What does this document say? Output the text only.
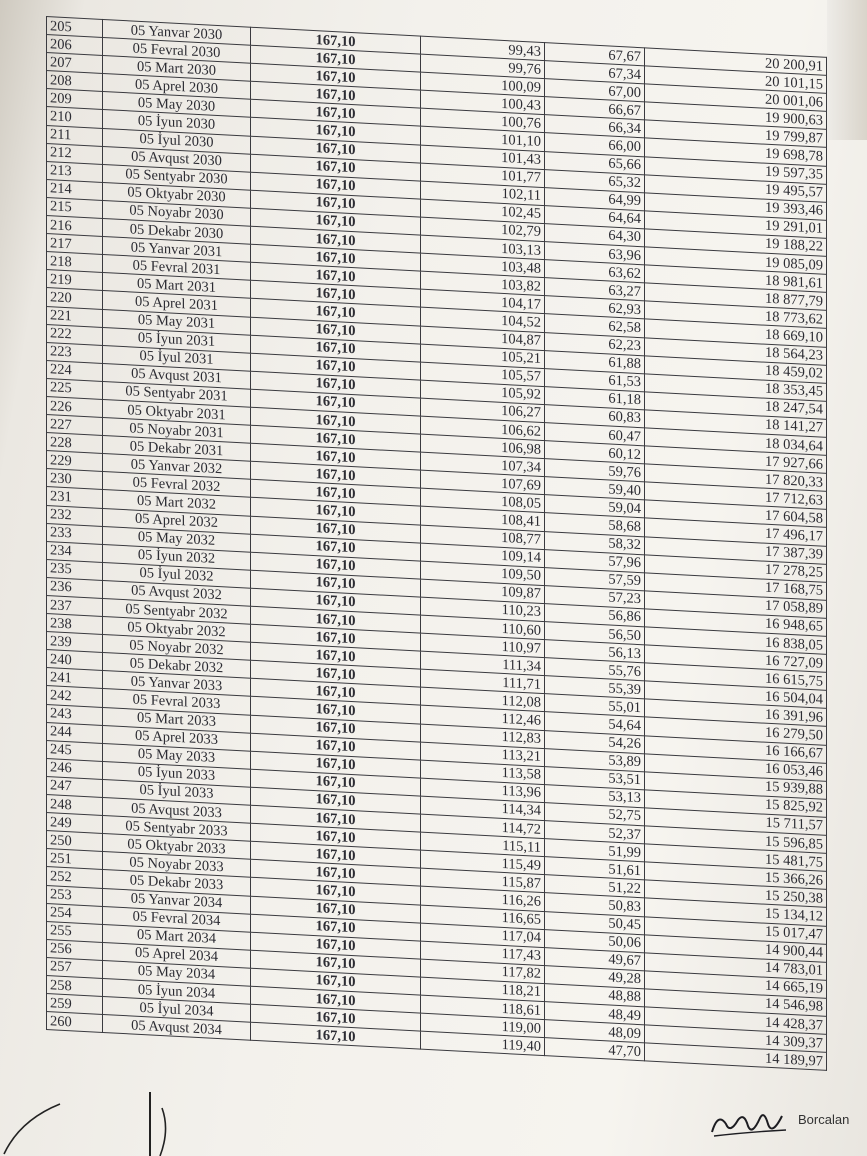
205	05 Yanvar 2030	167,10	99,43	67,67	20 200,91
206	05 Fevral 2030	167,10	99,76	67,34	20 101,15
207	05 Mart 2030	167,10	100,09	67,00	20 001,06
208	05 Aprel 2030	167,10	100,43	66,67	19 900,63
209	05 May 2030	167,10	100,76	66,34	19 799,87
210	05 İyun 2030	167,10	101,10	66,00	19 698,78
211	05 İyul 2030	167,10	101,43	65,66	19 597,35
212	05 Avqust 2030	167,10	101,77	65,32	19 495,57
213	05 Sentyabr 2030	167,10	102,11	64,99	19 393,46
214	05 Oktyabr 2030	167,10	102,45	64,64	19 291,01
215	05 Noyabr 2030	167,10	102,79	64,30	19 188,22
216	05 Dekabr 2030	167,10	103,13	63,96	19 085,09
217	05 Yanvar 2031	167,10	103,48	63,62	18 981,61
218	05 Fevral 2031	167,10	103,82	63,27	18 877,79
219	05 Mart 2031	167,10	104,17	62,93	18 773,62
220	05 Aprel 2031	167,10	104,52	62,58	18 669,10
221	05 May 2031	167,10	104,87	62,23	18 564,23
222	05 İyun 2031	167,10	105,21	61,88	18 459,02
223	05 İyul 2031	167,10	105,57	61,53	18 353,45
224	05 Avqust 2031	167,10	105,92	61,18	18 247,54
225	05 Sentyabr 2031	167,10	106,27	60,83	18 141,27
226	05 Oktyabr 2031	167,10	106,62	60,47	18 034,64
227	05 Noyabr 2031	167,10	106,98	60,12	17 927,66
228	05 Dekabr 2031	167,10	107,34	59,76	17 820,33
229	05 Yanvar 2032	167,10	107,69	59,40	17 712,63
230	05 Fevral 2032	167,10	108,05	59,04	17 604,58
231	05 Mart 2032	167,10	108,41	58,68	17 496,17
232	05 Aprel 2032	167,10	108,77	58,32	17 387,39
233	05 May 2032	167,10	109,14	57,96	17 278,25
234	05 İyun 2032	167,10	109,50	57,59	17 168,75
235	05 İyul 2032	167,10	109,87	57,23	17 058,89
236	05 Avqust 2032	167,10	110,23	56,86	16 948,65
237	05 Sentyabr 2032	167,10	110,60	56,50	16 838,05
238	05 Oktyabr 2032	167,10	110,97	56,13	16 727,09
239	05 Noyabr 2032	167,10	111,34	55,76	16 615,75
240	05 Dekabr 2032	167,10	111,71	55,39	16 504,04
241	05 Yanvar 2033	167,10	112,08	55,01	16 391,96
242	05 Fevral 2033	167,10	112,46	54,64	16 279,50
243	05 Mart 2033	167,10	112,83	54,26	16 166,67
244	05 Aprel 2033	167,10	113,21	53,89	16 053,46
245	05 May 2033	167,10	113,58	53,51	15 939,88
246	05 İyun 2033	167,10	113,96	53,13	15 825,92
247	05 İyul 2033	167,10	114,34	52,75	15 711,57
248	05 Avqust 2033	167,10	114,72	52,37	15 596,85
249	05 Sentyabr 2033	167,10	115,11	51,99	15 481,75
250	05 Oktyabr 2033	167,10	115,49	51,61	15 366,26
251	05 Noyabr 2033	167,10	115,87	51,22	15 250,38
252	05 Dekabr 2033	167,10	116,26	50,83	15 134,12
253	05 Yanvar 2034	167,10	116,65	50,45	15 017,47
254	05 Fevral 2034	167,10	117,04	50,06	14 900,44
255	05 Mart 2034	167,10	117,43	49,67	14 783,01
256	05 Aprel 2034	167,10	117,82	49,28	14 665,19
257	05 May 2034	167,10	118,21	48,88	14 546,98
258	05 İyun 2034	167,10	118,61	48,49	14 428,37
259	05 İyul 2034	167,10	119,00	48,09	14 309,37
260	05 Avqust 2034	167,10	119,40	47,70	14 189,97
Borcalan
